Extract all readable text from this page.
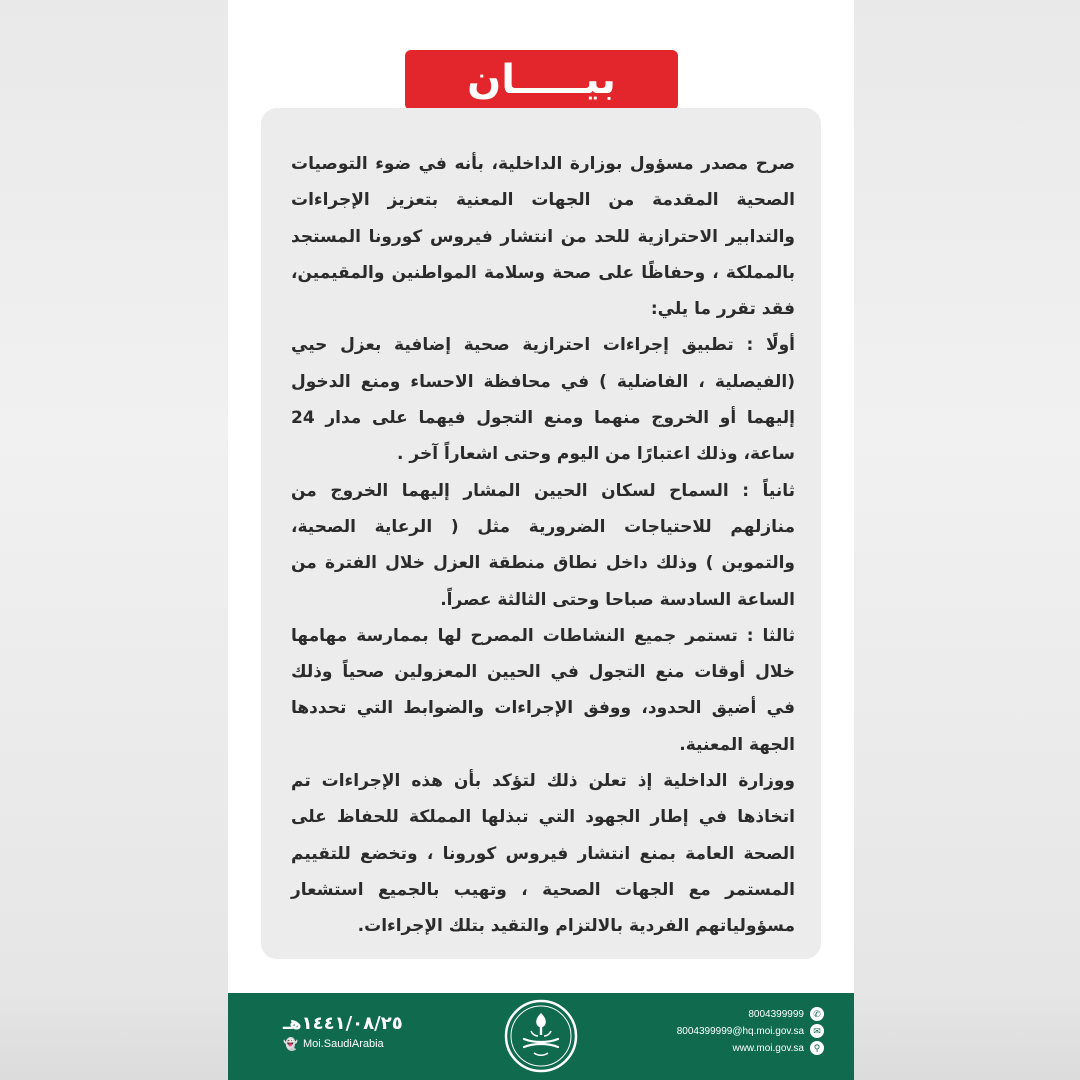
بيـــــان

صرح مصدر مسؤول بوزارة الداخلية، بأنه في ضوء التوصيات الصحية المقدمة من الجهات المعنية بتعزيز الإجراءات والتدابير الاحترازية للحد من انتشار فيروس كورونا المستجد بالمملكة ، وحفاظًا على صحة وسلامة المواطنين والمقيمين، فقد تقرر ما يلي:

أولًا : تطبيق إجراءات احترازية صحية إضافية بعزل حيي (الفيصلية ، الفاضلية ) في محافظة الاحساء ومنع الدخول إليهما أو الخروج منهما ومنع التجول فيهما على مدار 24 ساعة، وذلك اعتبارًا من اليوم وحتى اشعاراً آخر .

ثانياً : السماح لسكان الحيين المشار إليهما الخروج من منازلهم للاحتياجات الضرورية مثل ( الرعاية الصحية، والتموين ) وذلك داخل نطاق منطقة العزل خلال الفترة من الساعة السادسة صباحا وحتى الثالثة عصراً.

ثالثا : تستمر جميع النشاطات المصرح لها بممارسة مهامها خلال أوقات منع التجول في الحيين المعزولين صحياً وذلك في أضيق الحدود، ووفق الإجراءات والضوابط التي تحددها الجهة المعنية.

ووزارة الداخلية إذ تعلن ذلك لتؤكد بأن هذه الإجراءات تم اتخاذها في إطار الجهود التي تبذلها المملكة للحفاظ على الصحة العامة بمنع انتشار فيروس كورونا ، وتخضع للتقييم المستمر مع الجهات الصحية ، وتهيب بالجميع استشعار مسؤولياتهم الفردية بالالتزام والتقيد بتلك الإجراءات.

١٤٤١/٠٨/٢٥هـ
👻 Moi.SaudiArabia
8004399999	✆
8004399999@hq.moi.gov.sa	✉
www.moi.gov.sa	⚲
